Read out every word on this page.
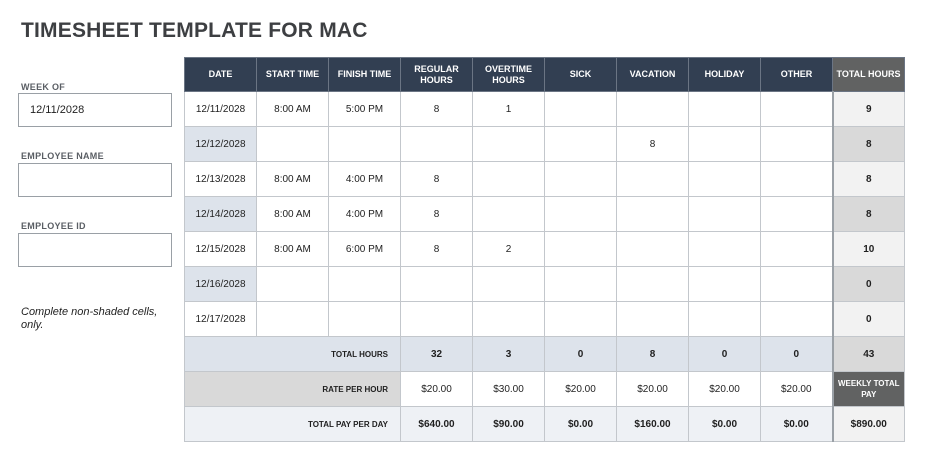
TIMESHEET TEMPLATE FOR MAC
WEEK OF
12/11/2028
EMPLOYEE NAME
EMPLOYEE ID
Complete non-shaded cells, only.
DATE	START TIME	FINISH TIME	REGULAR HOURS	OVERTIME HOURS	SICK	VACATION	HOLIDAY	OTHER	TOTAL HOURS
12/11/2028	8:00 AM	5:00 PM	8	1					9
12/12/2028						8			8
12/13/2028	8:00 AM	4:00 PM	8						8
12/14/2028	8:00 AM	4:00 PM	8						8
12/15/2028	8:00 AM	6:00 PM	8	2					10
12/16/2028									0
12/17/2028									0
TOTAL HOURS			32	3	0	8	0	0	43
RATE PER HOUR			$20.00	$30.00	$20.00	$20.00	$20.00	$20.00	WEEKLY TOTAL PAY
TOTAL PAY PER DAY			$640.00	$90.00	$0.00	$160.00	$0.00	$0.00	$890.00
